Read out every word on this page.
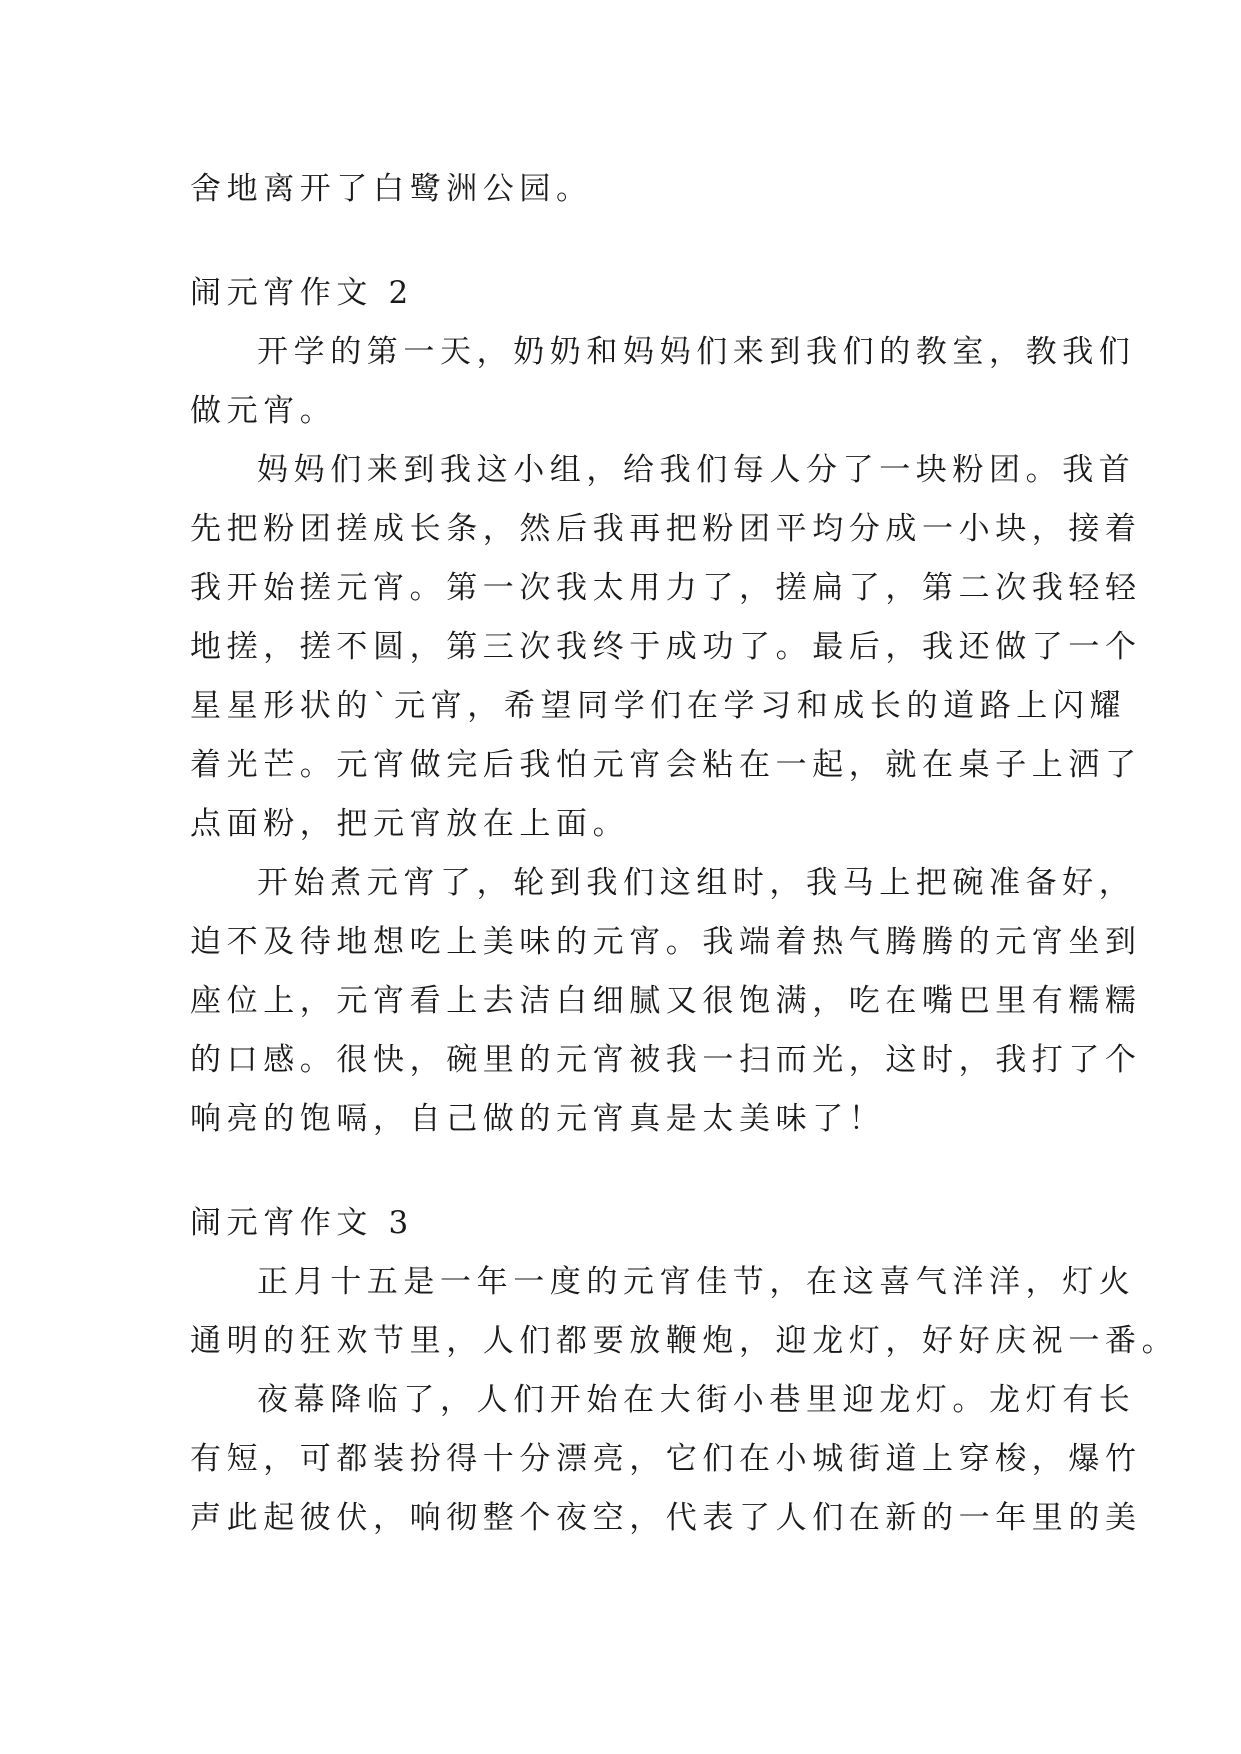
舍地离开了白鹭洲公园。
闹元宵作文 2
开学的第一天，奶奶和妈妈们来到我们的教室，教我们
做元宵。
妈妈们来到我这小组，给我们每人分了一块粉团。我首
先把粉团搓成长条，然后我再把粉团平均分成一小块，接着
我开始搓元宵。第一次我太用力了，搓扁了，第二次我轻轻
地搓，搓不圆，第三次我终于成功了。最后，我还做了一个
星星形状的`元宵，希望同学们在学习和成长的道路上闪耀
着光芒。元宵做完后我怕元宵会粘在一起，就在桌子上洒了
点面粉，把元宵放在上面。
开始煮元宵了，轮到我们这组时，我马上把碗准备好，
迫不及待地想吃上美味的元宵。我端着热气腾腾的元宵坐到
座位上，元宵看上去洁白细腻又很饱满，吃在嘴巴里有糯糯
的口感。很快，碗里的元宵被我一扫而光，这时，我打了个
响亮的饱嗝，自己做的元宵真是太美味了！
闹元宵作文 3
正月十五是一年一度的元宵佳节，在这喜气洋洋，灯火
通明的狂欢节里，人们都要放鞭炮，迎龙灯，好好庆祝一番。
夜幕降临了，人们开始在大街小巷里迎龙灯。龙灯有长
有短，可都装扮得十分漂亮，它们在小城街道上穿梭，爆竹
声此起彼伏，响彻整个夜空，代表了人们在新的一年里的美
